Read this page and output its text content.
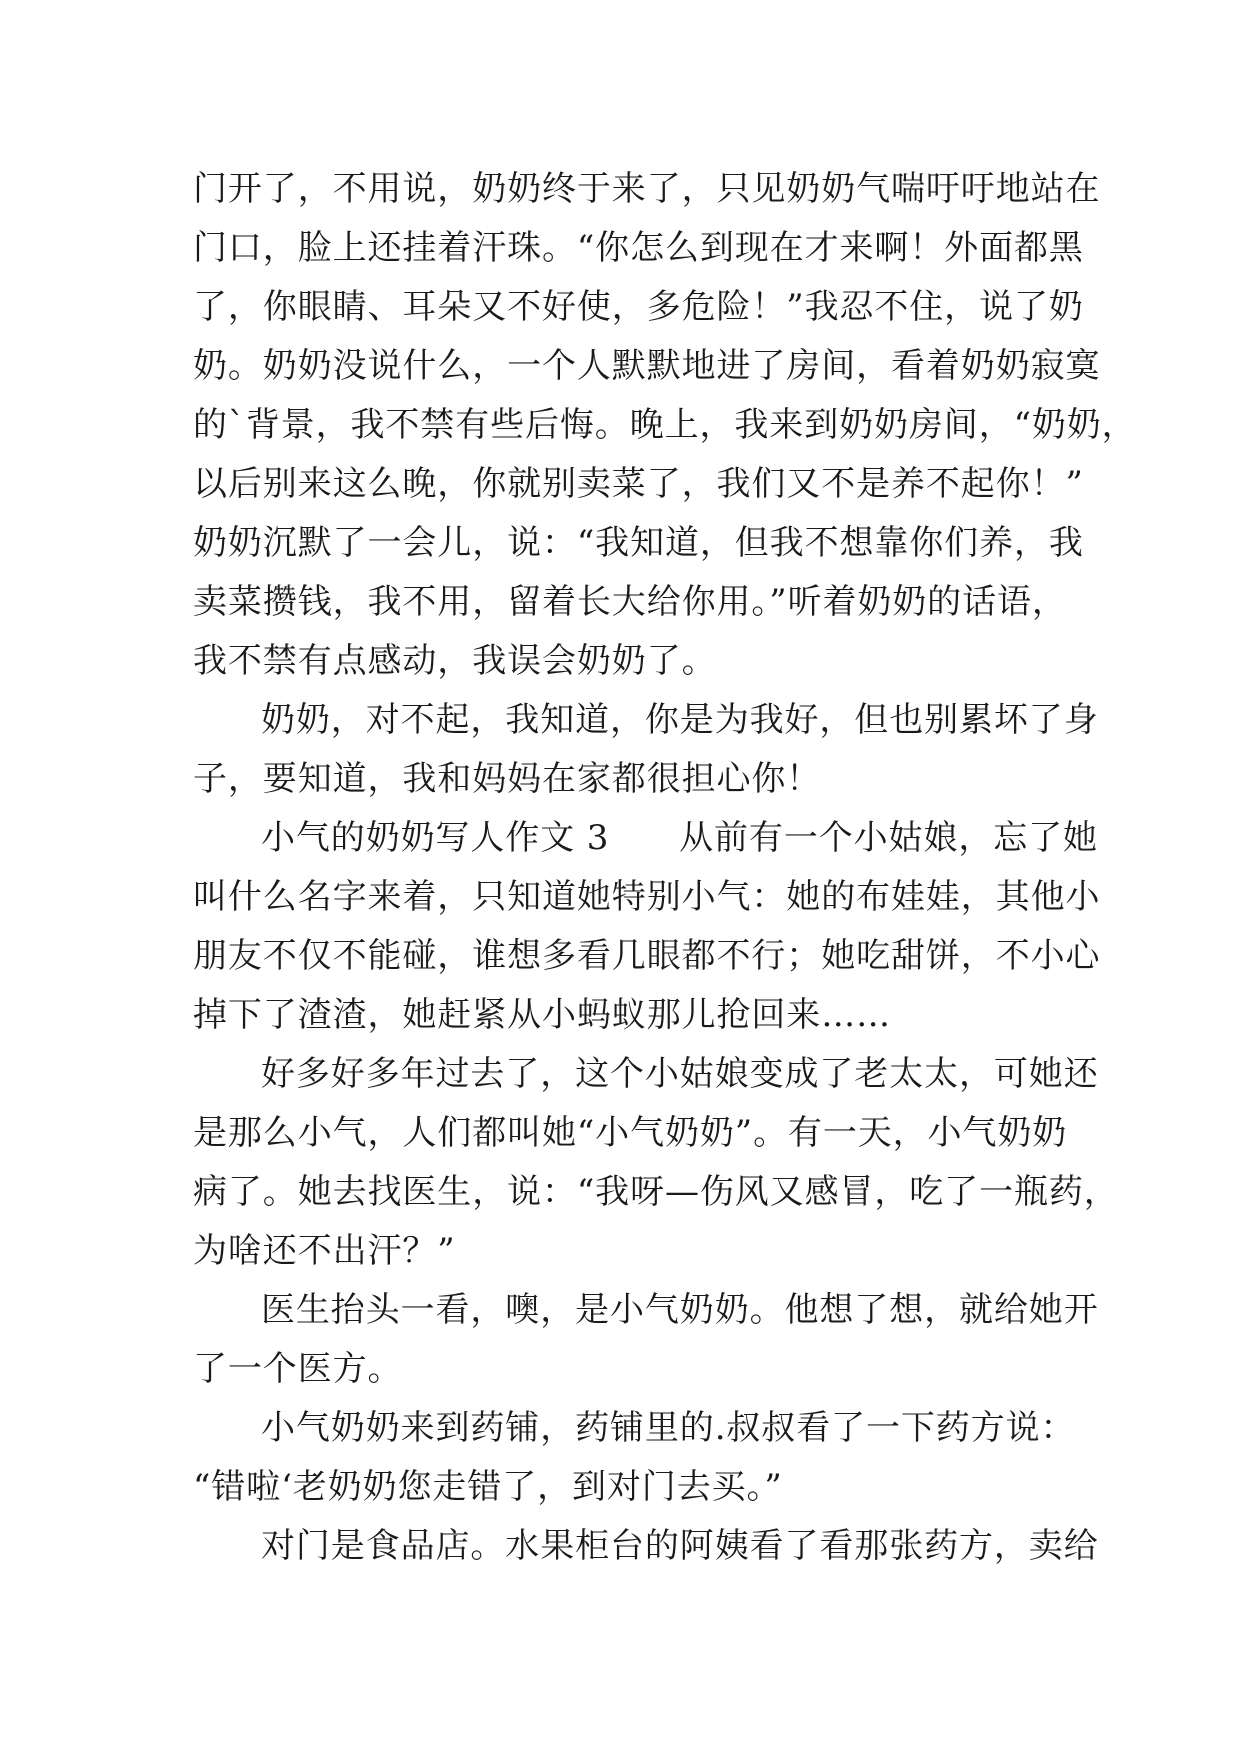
门开了，不用说，奶奶终于来了，只见奶奶气喘吁吁地站在
门口，脸上还挂着汗珠。“你怎么到现在才来啊！外面都黑
了，你眼睛、耳朵又不好使，多危险！”我忍不住，说了奶
奶。奶奶没说什么，一个人默默地进了房间，看着奶奶寂寞
的`背景，我不禁有些后悔。晚上，我来到奶奶房间，“奶奶，
以后别来这么晚，你就别卖菜了，我们又不是养不起你！”
奶奶沉默了一会儿，说：“我知道，但我不想靠你们养，我
卖菜攒钱，我不用，留着长大给你用。”听着奶奶的话语，
我不禁有点感动，我误会奶奶了。
奶奶，对不起，我知道，你是为我好，但也别累坏了身
子，要知道，我和妈妈在家都很担心你！
小气的奶奶写人作文 3　　从前有一个小姑娘，忘了她
叫什么名字来着，只知道她特别小气：她的布娃娃，其他小
朋友不仅不能碰，谁想多看几眼都不行；她吃甜饼，不小心
掉下了渣渣，她赶紧从小蚂蚁那儿抢回来……
好多好多年过去了，这个小姑娘变成了老太太，可她还
是那么小气，人们都叫她“小气奶奶”。有一天，小气奶奶
病了。她去找医生，说：“我呀—伤风又感冒，吃了一瓶药，
为啥还不出汗？”
医生抬头一看，噢，是小气奶奶。他想了想，就给她开
了一个医方。
小气奶奶来到药铺，药铺里的.叔叔看了一下药方说：
“错啦‘老奶奶您走错了，到对门去买。”
对门是食品店。水果柜台的阿姨看了看那张药方，卖给
